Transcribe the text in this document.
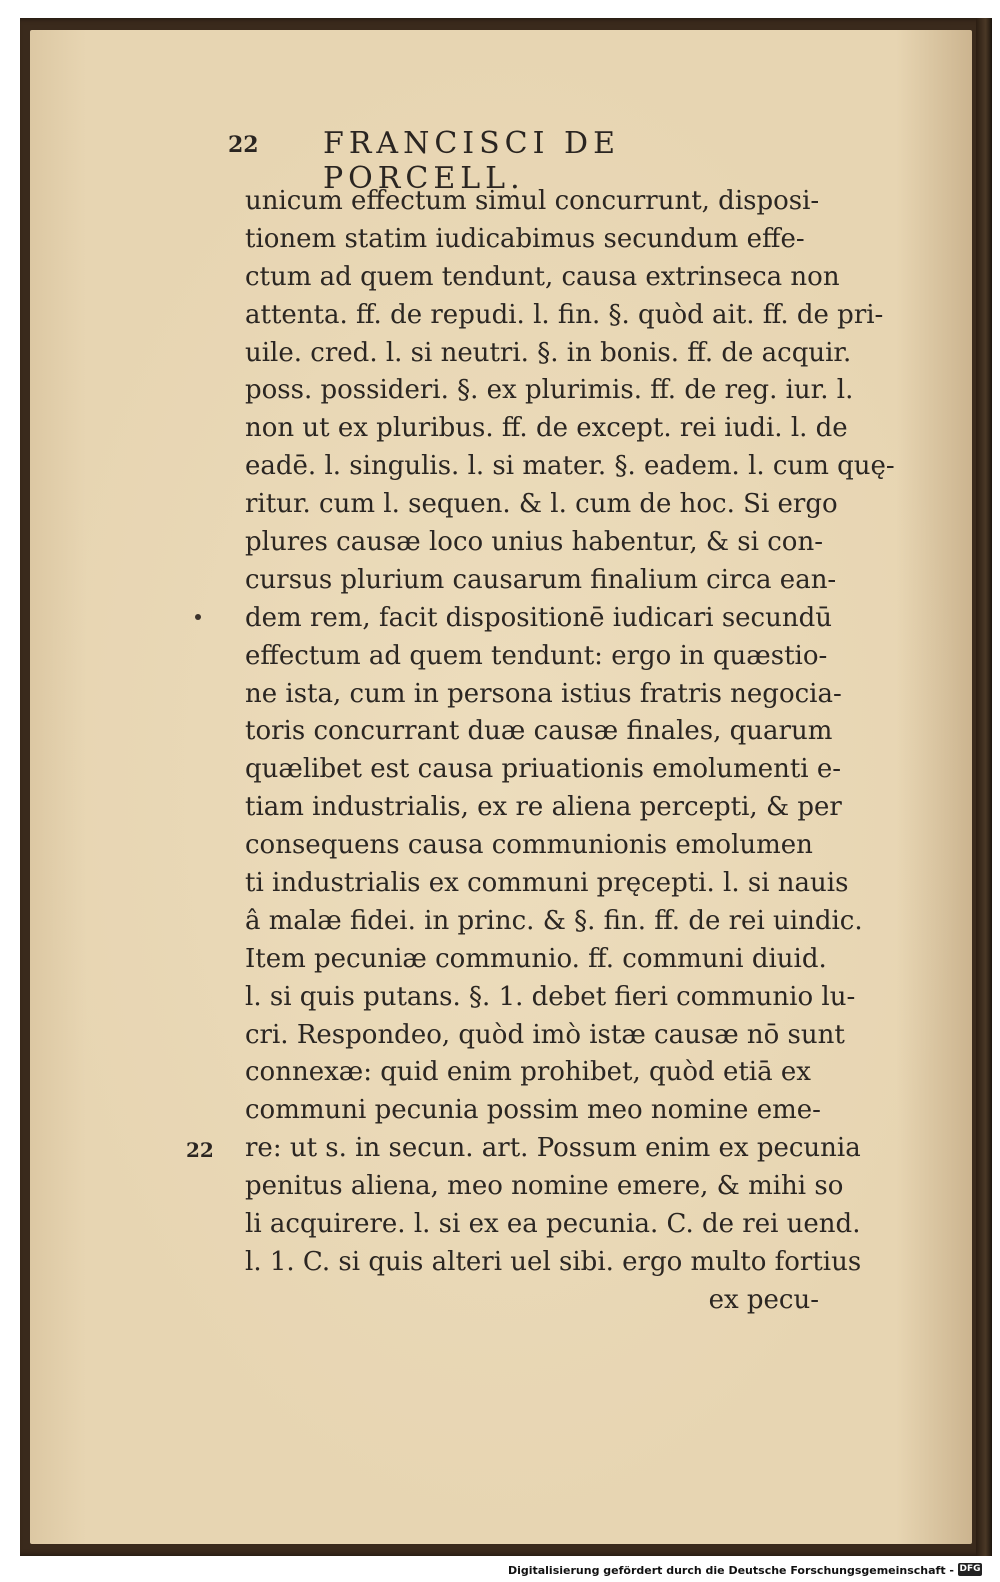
22 FRANCISCI DE PORCELL.
22
unicum effectum simul concurrunt, disposi-
tionem statim iudicabimus secundum effe-
ctum ad quem tendunt, causa extrinseca non
attenta. ff. de repudi. l. fin. §. quòd ait. ff. de pri-
uile. cred. l. si neutri. §. in bonis. ff. de acquir.
poss. possideri. §. ex plurimis. ff. de reg. iur. l.
non ut ex pluribus. ff. de except. rei iudi. l. de
eadē. l. singulis. l. si mater. §. eadem. l. cum quę-
ritur. cum l. sequen. & l. cum de hoc. Si ergo
plures causæ loco unius habentur, & si con-
cursus plurium causarum finalium circa ean-
dem rem, facit dispositionē iudicari secundū
effectum ad quem tendunt: ergo in quæstio-
ne ista, cum in persona istius fratris negocia-
toris concurrant duæ causæ finales, quarum
quælibet est causa priuationis emolumenti e-
tiam industrialis, ex re aliena percepti, & per
consequens causa communionis emolumen
ti industrialis ex communi pręcepti. l. si nauis
â malæ fidei. in princ. & §. fin. ff. de rei uindic.
Item pecuniæ communio. ff. communi diuid.
l. si quis putans. §. 1. debet fieri communio lu-
cri. Respondeo, quòd imò istæ causæ nō sunt
connexæ: quid enim prohibet, quòd etiā ex
communi pecunia possim meo nomine eme-
re: ut s. in secun. art. Possum enim ex pecunia
penitus aliena, meo nomine emere, & mihi so
li acquirere. l. si ex ea pecunia. C. de rei uend.
l. 1. C. si quis alteri uel sibi. ergo multo fortius
ex pecu-
Digitalisierung gefördert durch die Deutsche Forschungsgemeinschaft - DFG
